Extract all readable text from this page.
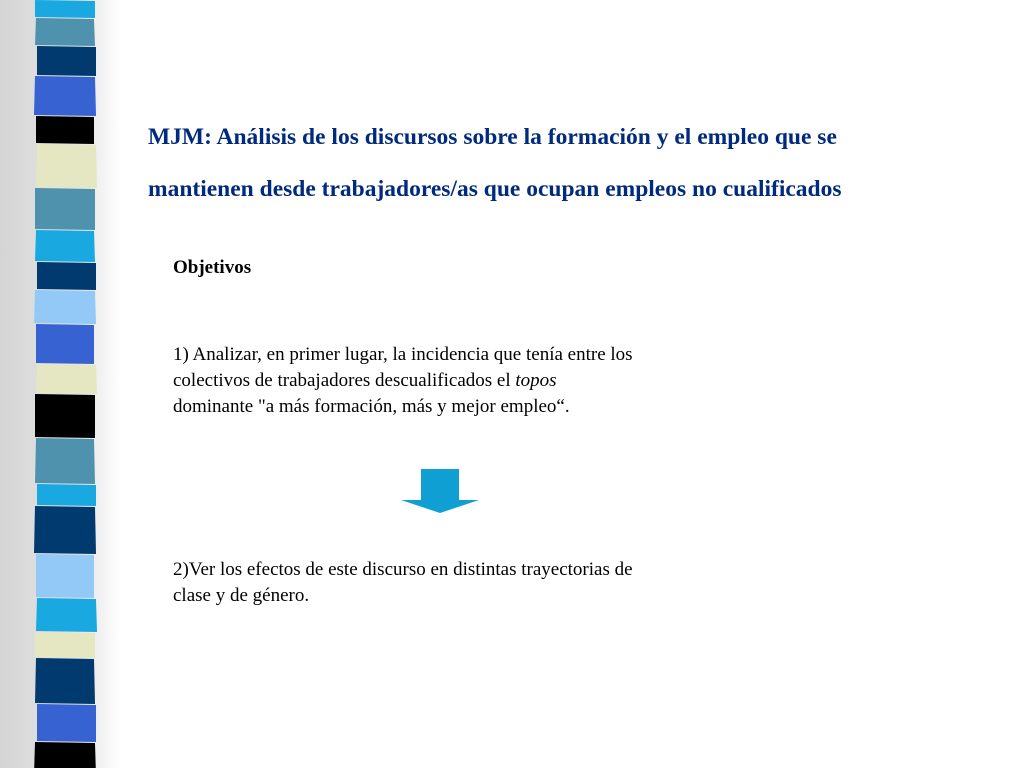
MJM: Análisis de los discursos sobre la formación y el empleo que se
mantienen desde trabajadores/as que ocupan empleos no cualificados
Objetivos

1) Analizar, en primer lugar, la incidencia que tenía entre los
colectivos de trabajadores descualificados el topos
dominante "a más formación, más y mejor empleo“.

2)Ver los efectos de este discurso en distintas trayectorias de
clase y de género.
